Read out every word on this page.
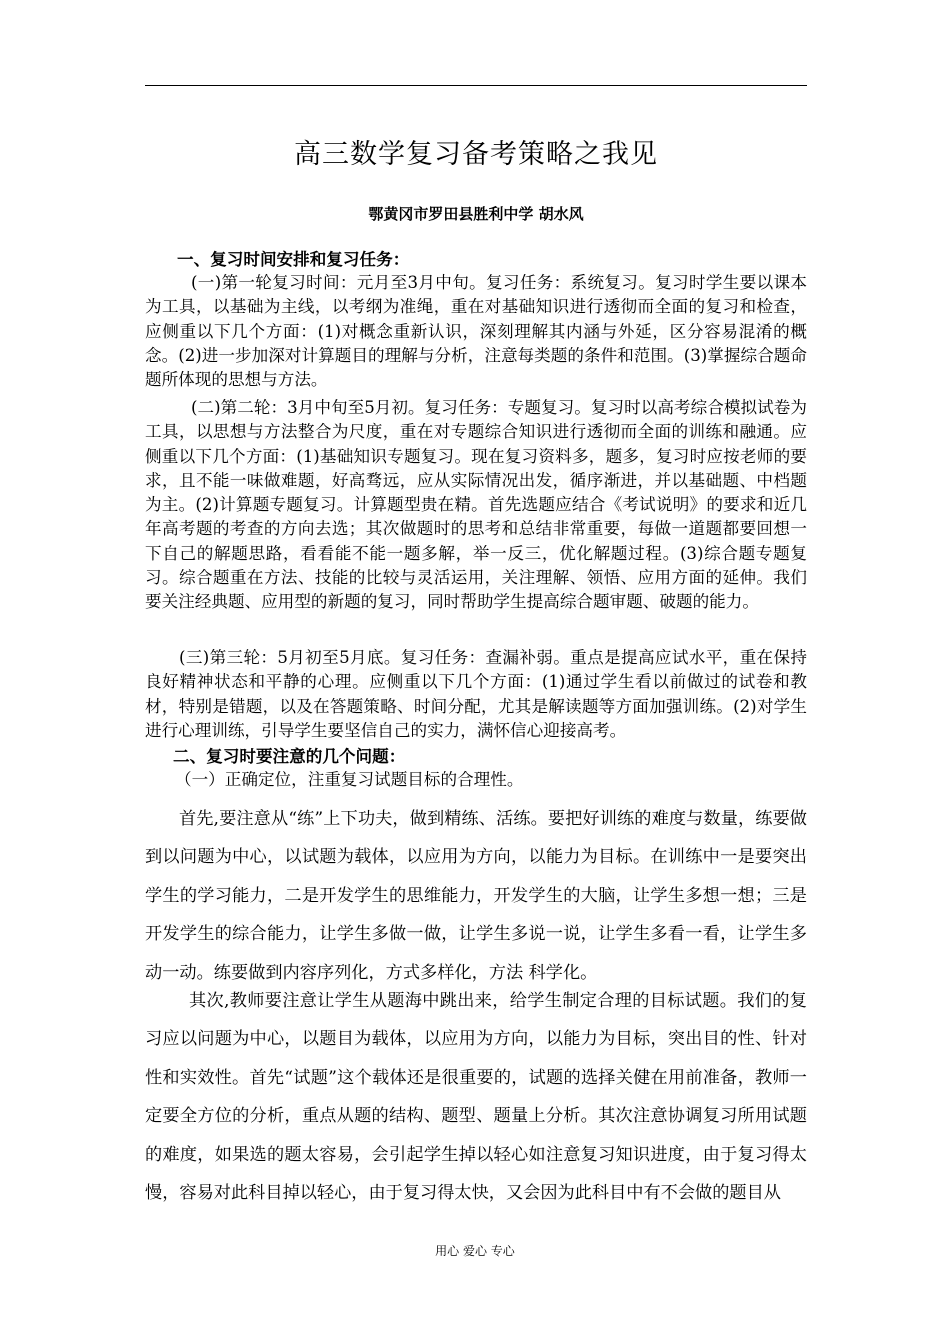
高三数学复习备考策略之我见
鄂黄冈市罗田县胜利中学 胡水风
一、复习时间安排和复习任务：

(一)第一轮复习时间：元月至3月中旬。复习任务：系统复习。复习时学生要以课本为工具，以基础为主线，以考纲为准绳，重在对基础知识进行透彻而全面的复习和检查，应侧重以下几个方面：(1)对概念重新认识，深刻理解其内涵与外延，区分容易混淆的概念。(2)进一步加深对计算题目的理解与分析，注意每类题的条件和范围。(3)掌握综合题命题所体现的思想与方法。

(二)第二轮：3月中旬至5月初。复习任务：专题复习。复习时以高考综合模拟试卷为工具，以思想与方法整合为尺度，重在对专题综合知识进行透彻而全面的训练和融通。应侧重以下几个方面：(1)基础知识专题复习。现在复习资料多，题多，复习时应按老师的要求，且不能一味做难题，好高骛远，应从实际情况出发，循序渐进，并以基础题、中档题为主。(2)计算题专题复习。计算题型贵在精。首先选题应结合《考试说明》的要求和近几年高考题的考查的方向去选；其次做题时的思考和总结非常重要，每做一道题都要回想一下自己的解题思路，看看能不能一题多解，举一反三，优化解题过程。(3)综合题专题复习。综合题重在方法、技能的比较与灵活运用，关注理解、领悟、应用方面的延伸。我们要关注经典题、应用型的新题的复习，同时帮助学生提高综合题审题、破题的能力。

(三)第三轮：5月初至5月底。复习任务：查漏补弱。重点是提高应试水平，重在保持良好精神状态和平静的心理。应侧重以下几个方面：(1)通过学生看以前做过的试卷和教材，特别是错题，以及在答题策略、时间分配，尤其是解读题等方面加强训练。(2)对学生进行心理训练，引导学生要坚信自己的实力，满怀信心迎接高考。

二、复习时要注意的几个问题：
（一）正确定位，注重复习试题目标的合理性。

首先,要注意从“练”上下功夫，做到精练、活练。要把好训练的难度与数量，练要做到以问题为中心，以试题为载体，以应用为方向，以能力为目标。在训练中一是要突出学生的学习能力，二是开发学生的思维能力，开发学生的大脑，让学生多想一想；三是开发学生的综合能力，让学生多做一做，让学生多说一说，让学生多看一看，让学生多动一动。练要做到内容序列化，方式多样化，方法 科学化。

其次,教师要注意让学生从题海中跳出来，给学生制定合理的目标试题。我们的复习应以问题为中心，以题目为载体，以应用为方向，以能力为目标，突出目的性、针对性和实效性。首先“试题”这个载体还是很重要的，试题的选择关健在用前准备，教师一定要全方位的分析，重点从题的结构、题型、题量上分析。其次注意协调复习所用试题的难度，如果选的题太容易，会引起学生掉以轻心如注意复习知识进度，由于复习得太慢，容易对此科目掉以轻心，由于复习得太快，又会因为此科目中有不会做的题目从

用心 爱心 专心
